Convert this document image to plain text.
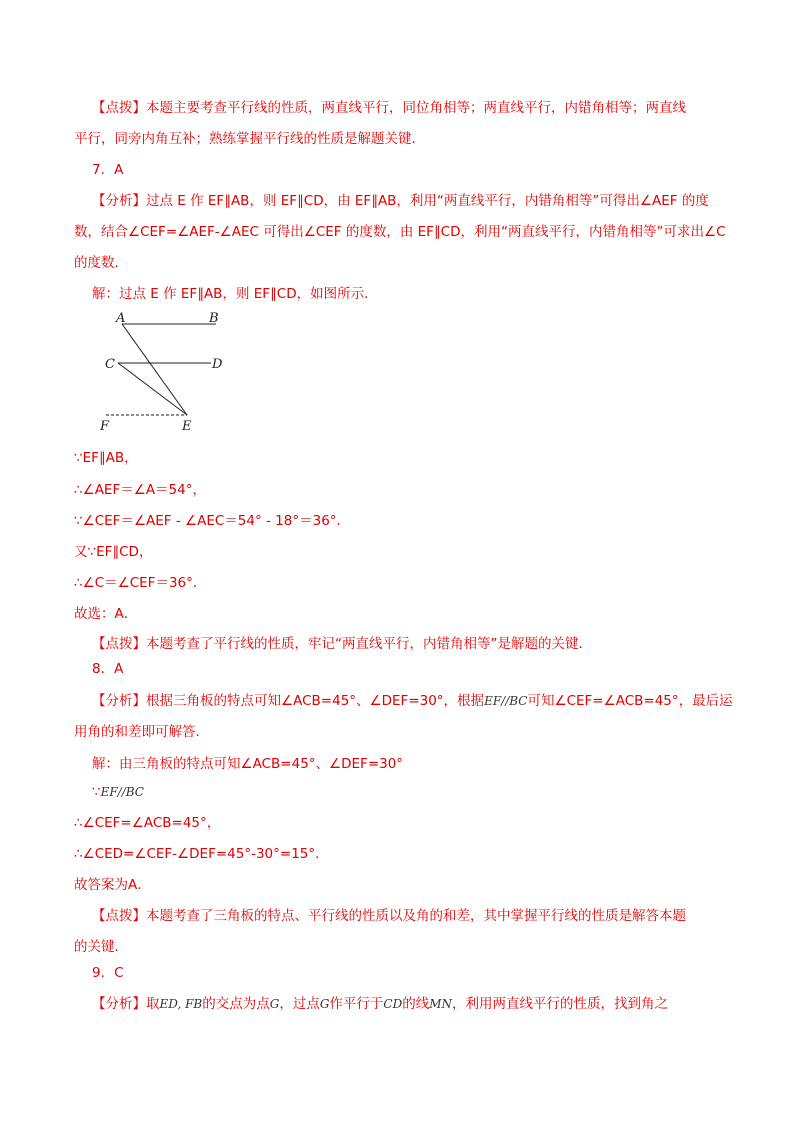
【点拨】本题主要考查平行线的性质，两直线平行，同位角相等；两直线平行，内错角相等；两直线
平行，同旁内角互补；熟练掌握平行线的性质是解题关键．
7．A
【分析】过点 E 作 EF∥AB，则 EF∥CD，由 EF∥AB，利用“两直线平行，内错角相等”可得出∠AEF 的度
数，结合∠CEF=∠AEF-∠AEC 可得出∠CEF 的度数，由 EF∥CD，利用“两直线平行，内错角相等”可求出∠C
的度数．
解：过点 E 作 EF∥AB，则 EF∥CD，如图所示．
A	B
C	D
F	E
∵EF∥AB，
∴∠AEF＝∠A＝54°，
∵∠CEF＝∠AEF - ∠AEC＝54° - 18°＝36°．
又∵EF∥CD，
∴∠C＝∠CEF＝36°．
故选：A．
【点拨】本题考查了平行线的性质，牢记“两直线平行，内错角相等”是解题的关键．
8．A
【分析】根据三角板的特点可知∠ACB=45°、∠DEF=30°，根据EF//BC可知∠CEF=∠ACB=45°，最后运
用角的和差即可解答．
解：由三角板的特点可知∠ACB=45°、∠DEF=30°
∵EF//BC
∴∠CEF=∠ACB=45°，
∴∠CED=∠CEF-∠DEF=45°-30°=15°．
故答案为A．
【点拨】本题考查了三角板的特点、平行线的性质以及角的和差，其中掌握平行线的性质是解答本题
的关键．
9．C
【分析】取ED, FB的交点为点G，过点G作平行于CD的线MN，利用两直线平行的性质，找到角之
